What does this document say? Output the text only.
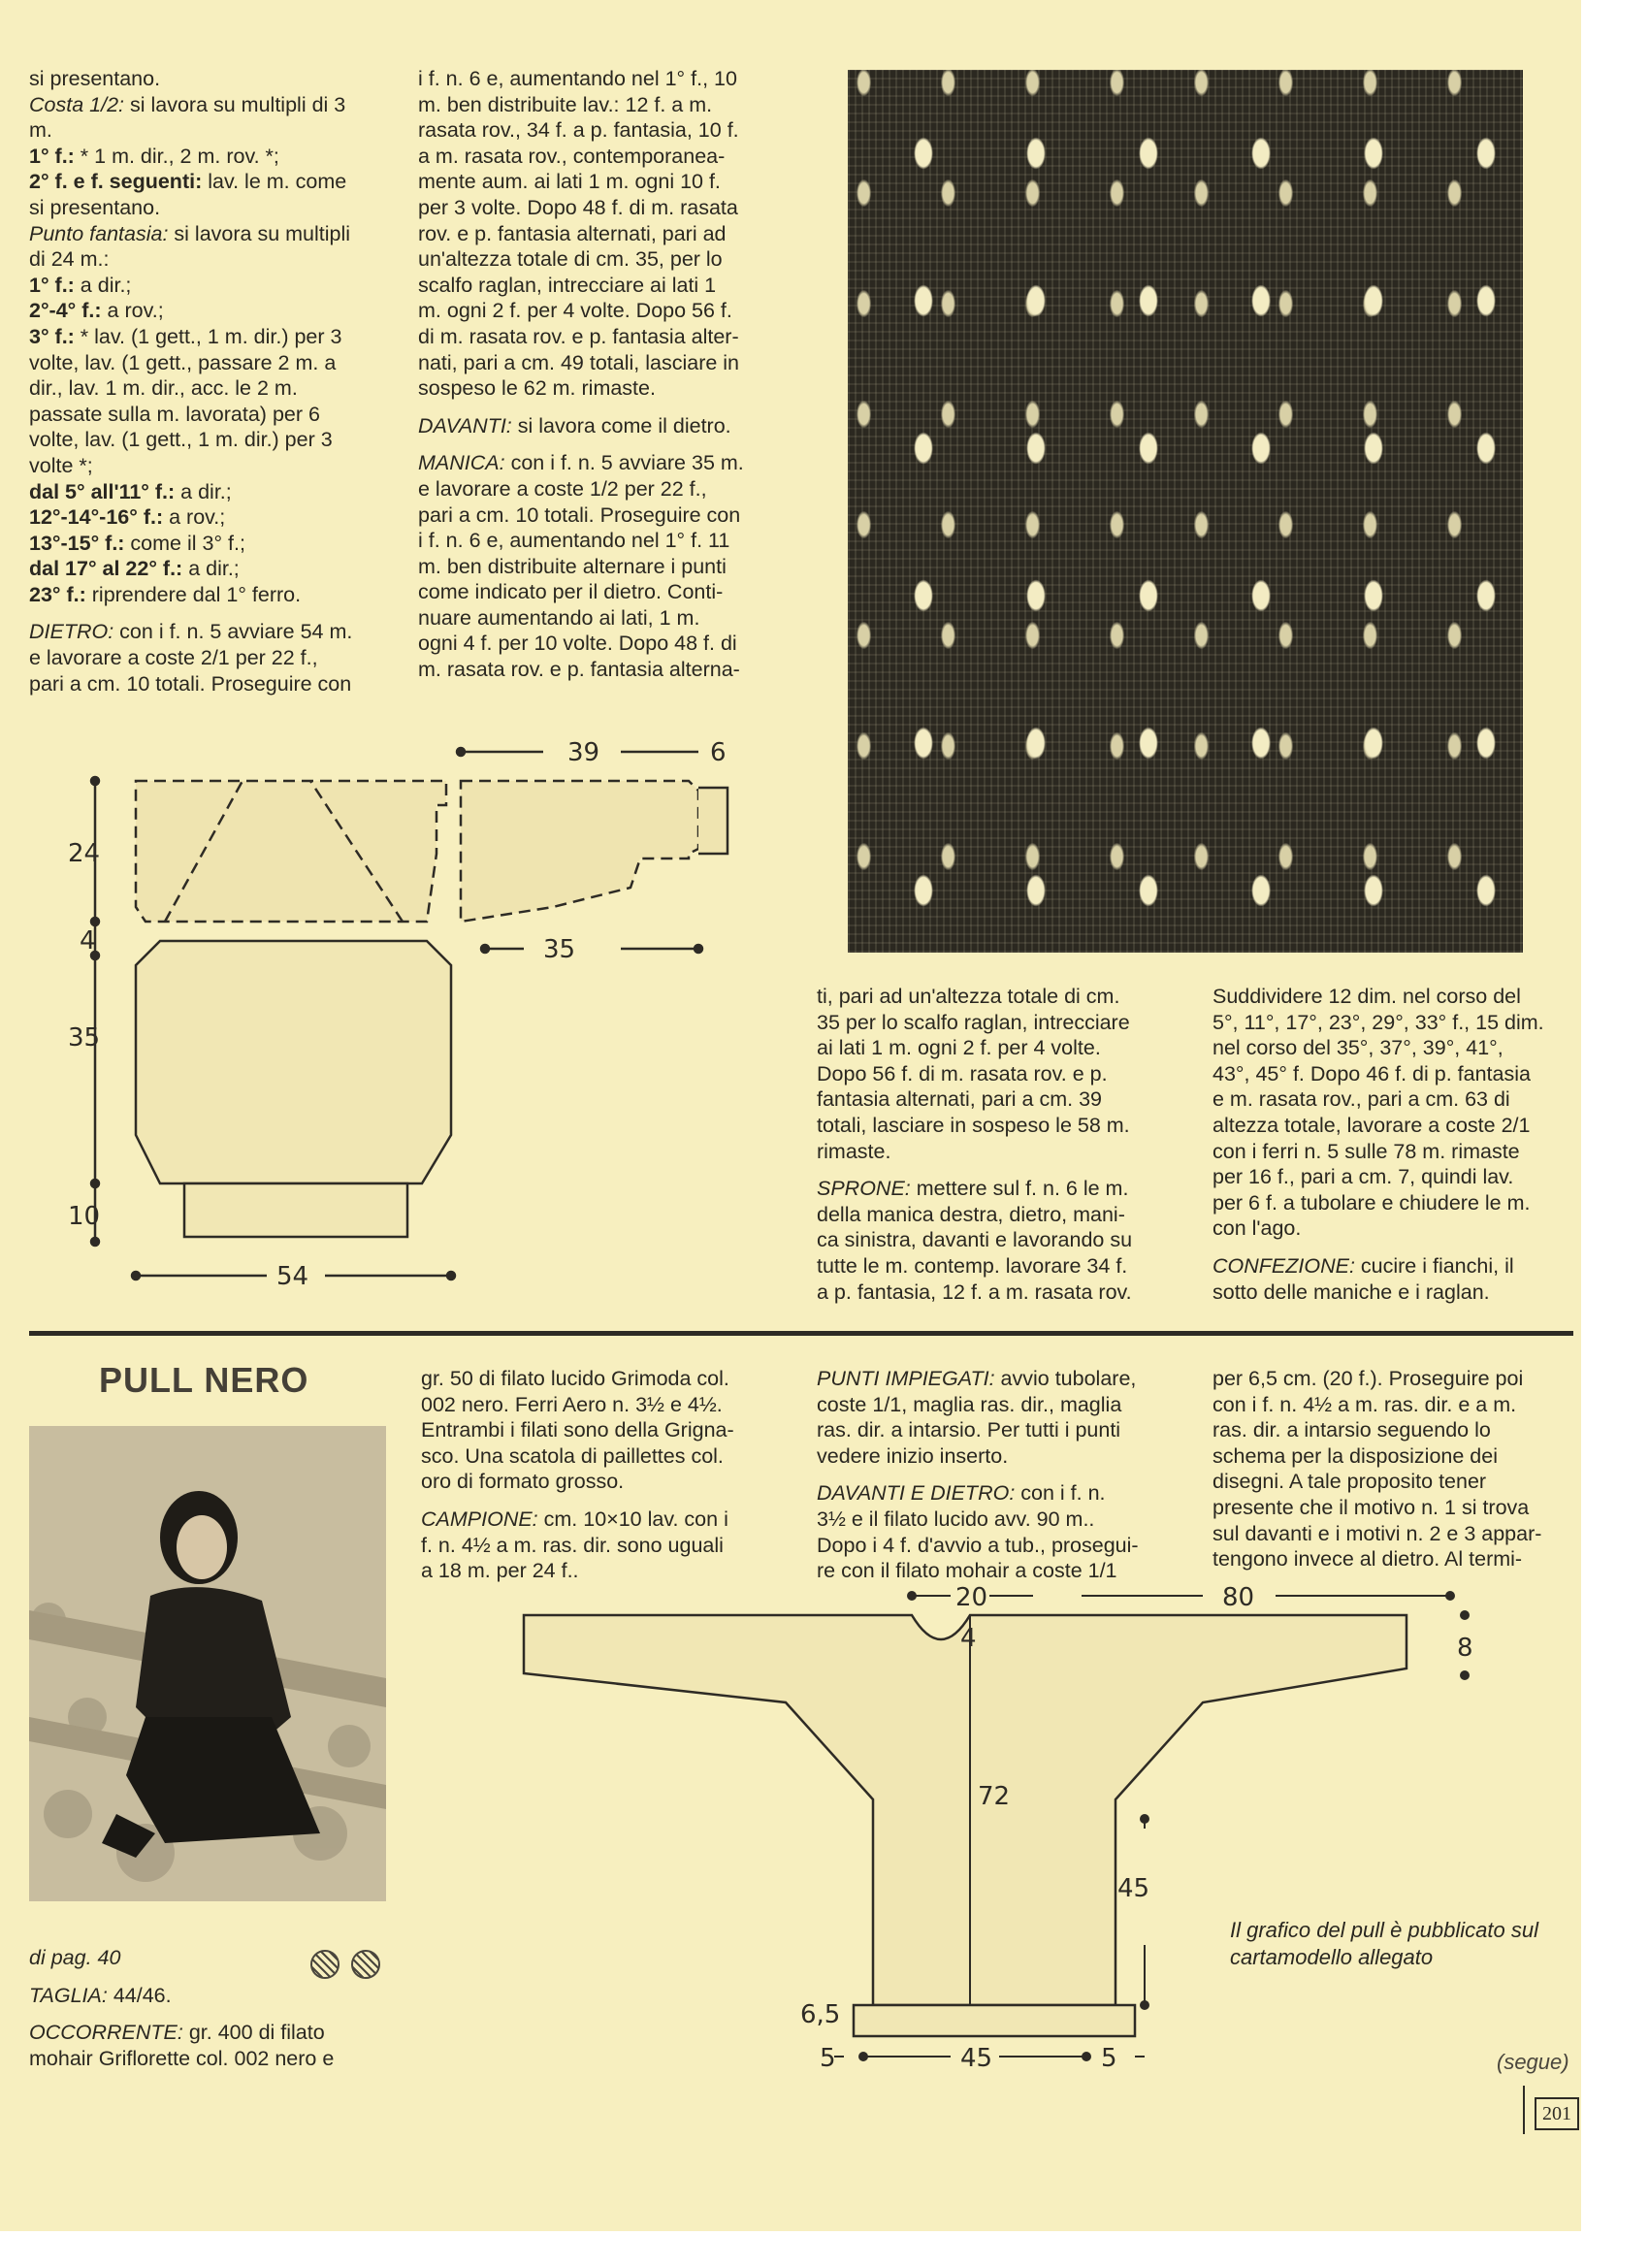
si presentano.

Costa 1/2: si lavora su multipli di 3

m.

1° f.: * 1 m. dir., 2 m. rov. *;

2° f. e f. seguenti: lav. le m. come

si presentano.

Punto fantasia: si lavora su multipli

di 24 m.:

1° f.: a dir.;

2°-4° f.: a rov.;

3° f.: * lav. (1 gett., 1 m. dir.) per 3

volte, lav. (1 gett., passare 2 m. a

dir., lav. 1 m. dir., acc. le 2 m.

passate sulla m. lavorata) per 6

volte, lav. (1 gett., 1 m. dir.) per 3

volte *;

dal 5° all'11° f.: a dir.;

12°-14°-16° f.: a rov.;

13°-15° f.: come il 3° f.;

dal 17° al 22° f.: a dir.;

23° f.: riprendere dal 1° ferro.

DIETRO: con i f. n. 5 avviare 54 m.

e lavorare a coste 2/1 per 22 f.,

pari a cm. 10 totali. Proseguire con

i f. n. 6 e, aumentando nel 1° f., 10

m. ben distribuite lav.: 12 f. a m.

rasata rov., 34 f. a p. fantasia, 10 f.

a m. rasata rov., contemporanea-

mente aum. ai lati 1 m. ogni 10 f.

per 3 volte. Dopo 48 f. di m. rasata

rov. e p. fantasia alternati, pari ad

un'altezza totale di cm. 35, per lo

scalfo raglan, intrecciare ai lati 1

m. ogni 2 f. per 4 volte. Dopo 56 f.

di m. rasata rov. e p. fantasia alter-

nati, pari a cm. 49 totali, lasciare in

sospeso le 62 m. rimaste.

DAVANTI: si lavora come il dietro.

MANICA: con i f. n. 5 avviare 35 m.

e lavorare a coste 1/2 per 22 f.,

pari a cm. 10 totali. Proseguire con

i f. n. 6 e, aumentando nel 1° f. 11

m. ben distribuite alternare i punti

come indicato per il dietro. Conti-

nuare aumentando ai lati, 1 m.

ogni 4 f. per 10 volte. Dopo 48 f. di

m. rasata rov. e p. fantasia alterna-

ti, pari ad un'altezza totale di cm.

35 per lo scalfo raglan, intrecciare

ai lati 1 m. ogni 2 f. per 4 volte.

Dopo 56 f. di m. rasata rov. e p.

fantasia alternati, pari a cm. 39

totali, lasciare in sospeso le 58 m.

rimaste.

SPRONE: mettere sul f. n. 6 le m.

della manica destra, dietro, mani-

ca sinistra, davanti e lavorando su

tutte le m. contemp. lavorare 34 f.

a p. fantasia, 12 f. a m. rasata rov.

Suddividere 12 dim. nel corso del

5°, 11°, 17°, 23°, 29°, 33° f., 15 dim.

nel corso del 35°, 37°, 39°, 41°,

43°, 45° f. Dopo 46 f. di p. fantasia

e m. rasata rov., pari a cm. 63 di

altezza totale, lavorare a coste 2/1

con i ferri n. 5 sulle 78 m. rimaste

per 16 f., pari a cm. 7, quindi lav.

per 6 f. a tubolare e chiudere le m.

con l'ago.

CONFEZIONE: cucire i fianchi, il

sotto delle maniche e i raglan.

24
4
35
10
54
39	6
35
PULL NERO

di pag. 40

TAGLIA: 44/46.

OCCORRENTE: gr. 400 di filato

mohair Griflorette col. 002 nero e

gr. 50 di filato lucido Grimoda col.

002 nero. Ferri Aero n. 3½ e 4½.

Entrambi i filati sono della Grigna-

sco. Una scatola di paillettes col.

oro di formato grosso.

CAMPIONE: cm. 10×10 lav. con i

f. n. 4½ a m. ras. dir. sono uguali

a 18 m. per 24 f..

PUNTI IMPIEGATI: avvio tubolare,

coste 1/1, maglia ras. dir., maglia

ras. dir. a intarsio. Per tutti i punti

vedere inizio inserto.

DAVANTI E DIETRO: con i f. n.

3½ e il filato lucido avv. 90 m..

Dopo i 4 f. d'avvio a tub., prosegui-

re con il filato mohair a coste 1/1

per 6,5 cm. (20 f.). Proseguire poi

con i f. n. 4½ a m. ras. dir. e a m.

ras. dir. a intarsio seguendo lo

schema per la disposizione dei

disegni. A tale proposito tener

presente che il motivo n. 1 si trova

sul davanti e i motivi n. 2 e 3 appar-

tengono invece al dietro. Al termi-

20	80
4	8
72
45
6,5
5	45	5
Il grafico del pull è pubblicato sul
cartamodello allegato
(segue)
201
